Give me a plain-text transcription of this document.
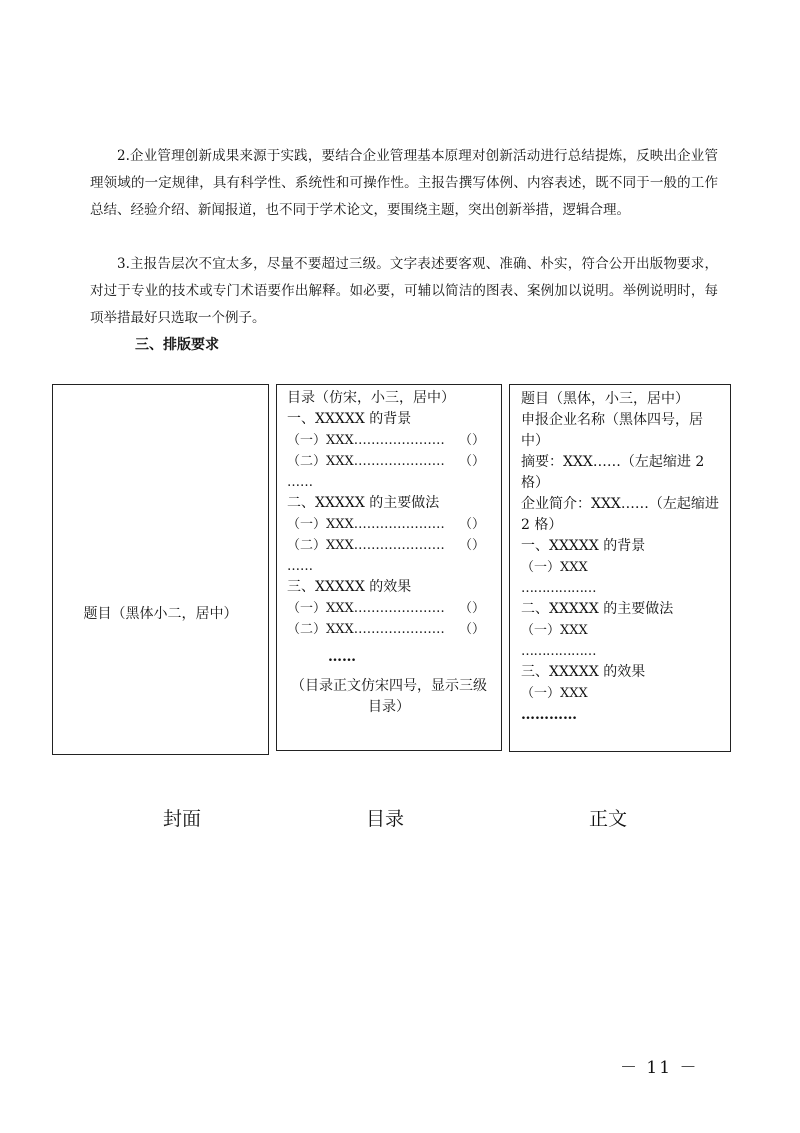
2.企业管理创新成果来源于实践，要结合企业管理基本原理对创新活动进行总结提炼，反映出企业管理领域的一定规律，具有科学性、系统性和可操作性。主报告撰写体例、内容表述，既不同于一般的工作总结、经验介绍、新闻报道，也不同于学术论文，要围绕主题，突出创新举措，逻辑合理。
3.主报告层次不宜太多，尽量不要超过三级。文字表述要客观、准确、朴实，符合公开出版物要求，对过于专业的技术或专门术语要作出解释。如必要，可辅以简洁的图表、案例加以说明。举例说明时，每项举措最好只选取一个例子。
三、排版要求
题目（黑体小二，居中）
目录（仿宋，小三，居中）
一、XXXXX 的背景
（一）XXX …………………	（）
（二）XXX …………………	（）
……
二、XXXXX 的主要做法
（一）XXX …………………	（）
（二）XXX …………………	（）
……
三、XXXXX 的效果
（一）XXX …………………	（）
（二）XXX …………………	（）
……
（目录正文仿宋四号，显示三级目录）
题目（黑体，小三，居中）
申报企业名称（黑体四号，居中）
摘要：XXX……（左起缩进 2 格）
企业简介：XXX……（左起缩进 2 格）
一、XXXXX 的背景
（一）XXX
………………
二、XXXXX 的主要做法
（一）XXX
………………
三、XXXXX 的效果
（一）XXX
…………
封面	目录	正文
－ 11 －
